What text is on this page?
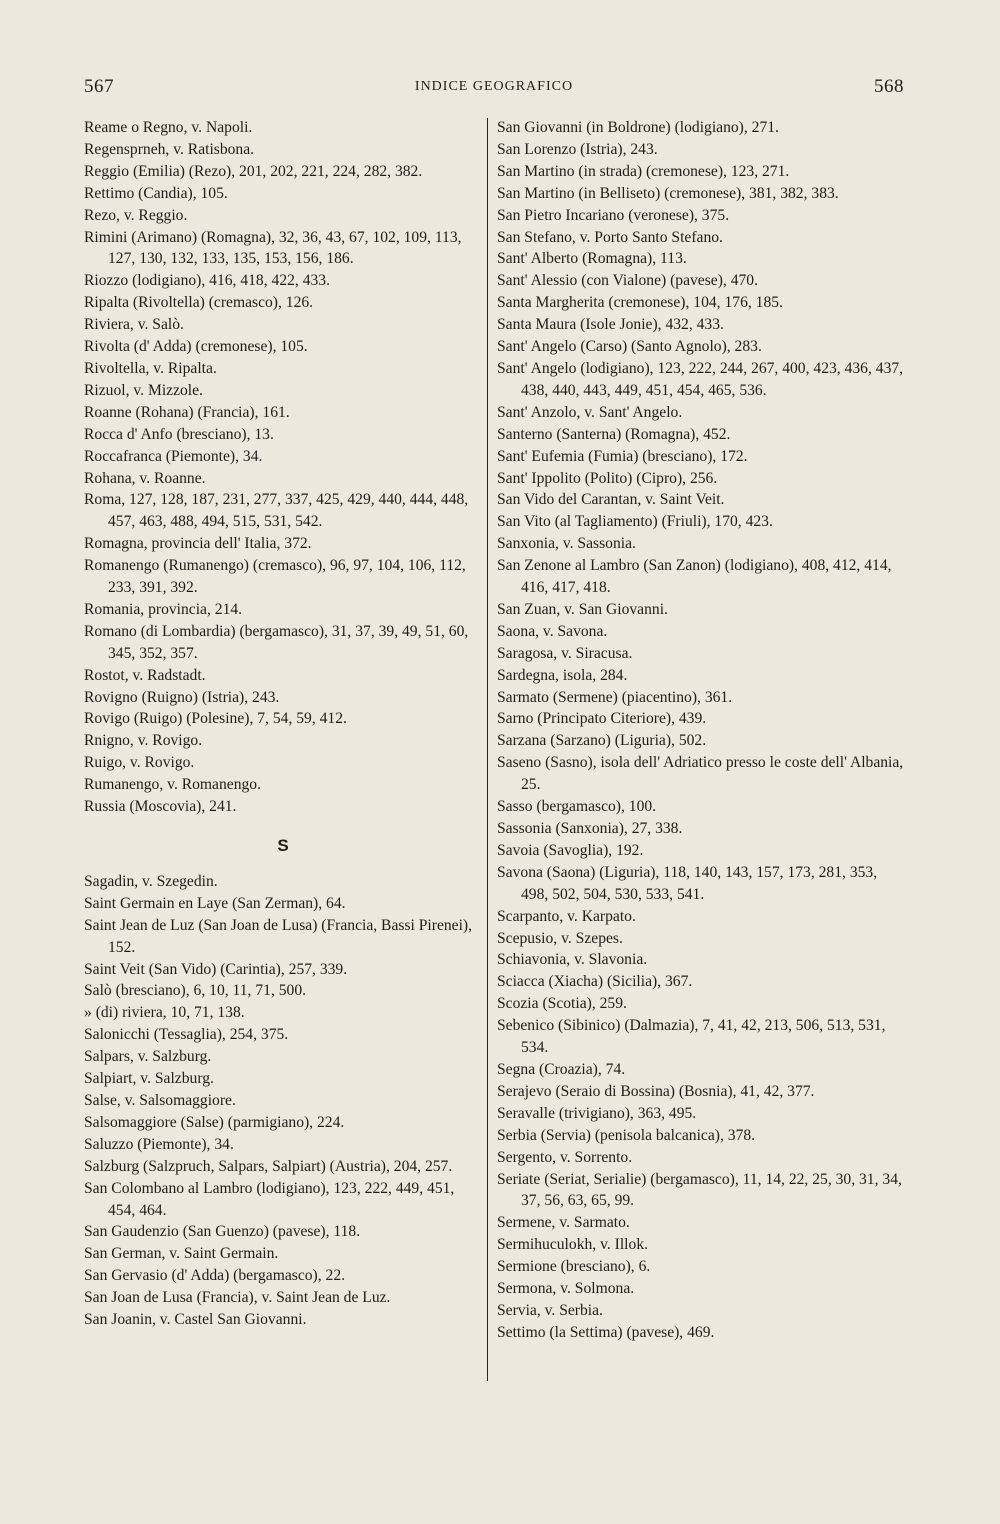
567	INDICE GEOGRAFICO	568

Reame o Regno, v. Napoli.

Regensprneh, v. Ratisbona.

Reggio (Emilia) (Rezo), 201, 202, 221, 224, 282, 382.

Rettimo (Candia), 105.

Rezo, v. Reggio.

Rimini (Arimano) (Romagna), 32, 36, 43, 67, 102, 109, 113, 127, 130, 132, 133, 135, 153, 156, 186.

Riozzo (lodigiano), 416, 418, 422, 433.

Ripalta (Rivoltella) (cremasco), 126.

Riviera, v. Salò.

Rivolta (d' Adda) (cremonese), 105.

Rivoltella, v. Ripalta.

Rizuol, v. Mizzole.

Roanne (Rohana) (Francia), 161.

Rocca d' Anfo (bresciano), 13.

Roccafranca (Piemonte), 34.

Rohana, v. Roanne.

Roma, 127, 128, 187, 231, 277, 337, 425, 429, 440, 444, 448, 457, 463, 488, 494, 515, 531, 542.

Romagna, provincia dell' Italia, 372.

Romanengo (Rumanengo) (cremasco), 96, 97, 104, 106, 112, 233, 391, 392.

Romania, provincia, 214.

Romano (di Lombardia) (bergamasco), 31, 37, 39, 49, 51, 60, 345, 352, 357.

Rostot, v. Radstadt.

Rovigno (Ruigno) (Istria), 243.

Rovigo (Ruigo) (Polesine), 7, 54, 59, 412.

Rnigno, v. Rovigo.

Ruigo, v. Rovigo.

Rumanengo, v. Romanengo.

Russia (Moscovia), 241.

S

Sagadin, v. Szegedin.

Saint Germain en Laye (San Zerman), 64.

Saint Jean de Luz (San Joan de Lusa) (Francia, Bassi Pirenei), 152.

Saint Veit (San Vido) (Carintia), 257, 339.

Salò (bresciano), 6, 10, 11, 71, 500.

» (di) riviera, 10, 71, 138.

Salonicchi (Tessaglia), 254, 375.

Salpars, v. Salzburg.

Salpiart, v. Salzburg.

Salse, v. Salsomaggiore.

Salsomaggiore (Salse) (parmigiano), 224.

Saluzzo (Piemonte), 34.

Salzburg (Salzpruch, Salpars, Salpiart) (Austria), 204, 257.

San Colombano al Lambro (lodigiano), 123, 222, 449, 451, 454, 464.

San Gaudenzio (San Guenzo) (pavese), 118.

San German, v. Saint Germain.

San Gervasio (d' Adda) (bergamasco), 22.

San Joan de Lusa (Francia), v. Saint Jean de Luz.

San Joanin, v. Castel San Giovanni.

San Giovanni (in Boldrone) (lodigiano), 271.

San Lorenzo (Istria), 243.

San Martino (in strada) (cremonese), 123, 271.

San Martino (in Belliseto) (cremonese), 381, 382, 383.

San Pietro Incariano (veronese), 375.

San Stefano, v. Porto Santo Stefano.

Sant' Alberto (Romagna), 113.

Sant' Alessio (con Vialone) (pavese), 470.

Santa Margherita (cremonese), 104, 176, 185.

Santa Maura (Isole Jonie), 432, 433.

Sant' Angelo (Carso) (Santo Agnolo), 283.

Sant' Angelo (lodigiano), 123, 222, 244, 267, 400, 423, 436, 437, 438, 440, 443, 449, 451, 454, 465, 536.

Sant' Anzolo, v. Sant' Angelo.

Santerno (Santerna) (Romagna), 452.

Sant' Eufemia (Fumia) (bresciano), 172.

Sant' Ippolito (Polito) (Cipro), 256.

San Vido del Carantan, v. Saint Veit.

San Vito (al Tagliamento) (Friuli), 170, 423.

Sanxonia, v. Sassonia.

San Zenone al Lambro (San Zanon) (lodigiano), 408, 412, 414, 416, 417, 418.

San Zuan, v. San Giovanni.

Saona, v. Savona.

Saragosa, v. Siracusa.

Sardegna, isola, 284.

Sarmato (Sermene) (piacentino), 361.

Sarno (Principato Citeriore), 439.

Sarzana (Sarzano) (Liguria), 502.

Saseno (Sasno), isola dell' Adriatico presso le coste dell' Albania, 25.

Sasso (bergamasco), 100.

Sassonia (Sanxonia), 27, 338.

Savoia (Savoglia), 192.

Savona (Saona) (Liguria), 118, 140, 143, 157, 173, 281, 353, 498, 502, 504, 530, 533, 541.

Scarpanto, v. Karpato.

Scepusio, v. Szepes.

Schiavonia, v. Slavonia.

Sciacca (Xiacha) (Sicilia), 367.

Scozia (Scotia), 259.

Sebenico (Sibinico) (Dalmazia), 7, 41, 42, 213, 506, 513, 531, 534.

Segna (Croazia), 74.

Serajevo (Seraio di Bossina) (Bosnia), 41, 42, 377.

Seravalle (trivigiano), 363, 495.

Serbia (Servia) (penisola balcanica), 378.

Sergento, v. Sorrento.

Seriate (Seriat, Serialie) (bergamasco), 11, 14, 22, 25, 30, 31, 34, 37, 56, 63, 65, 99.

Sermene, v. Sarmato.

Sermihuculokh, v. Illok.

Sermione (bresciano), 6.

Sermona, v. Solmona.

Servia, v. Serbia.

Settimo (la Settima) (pavese), 469.
